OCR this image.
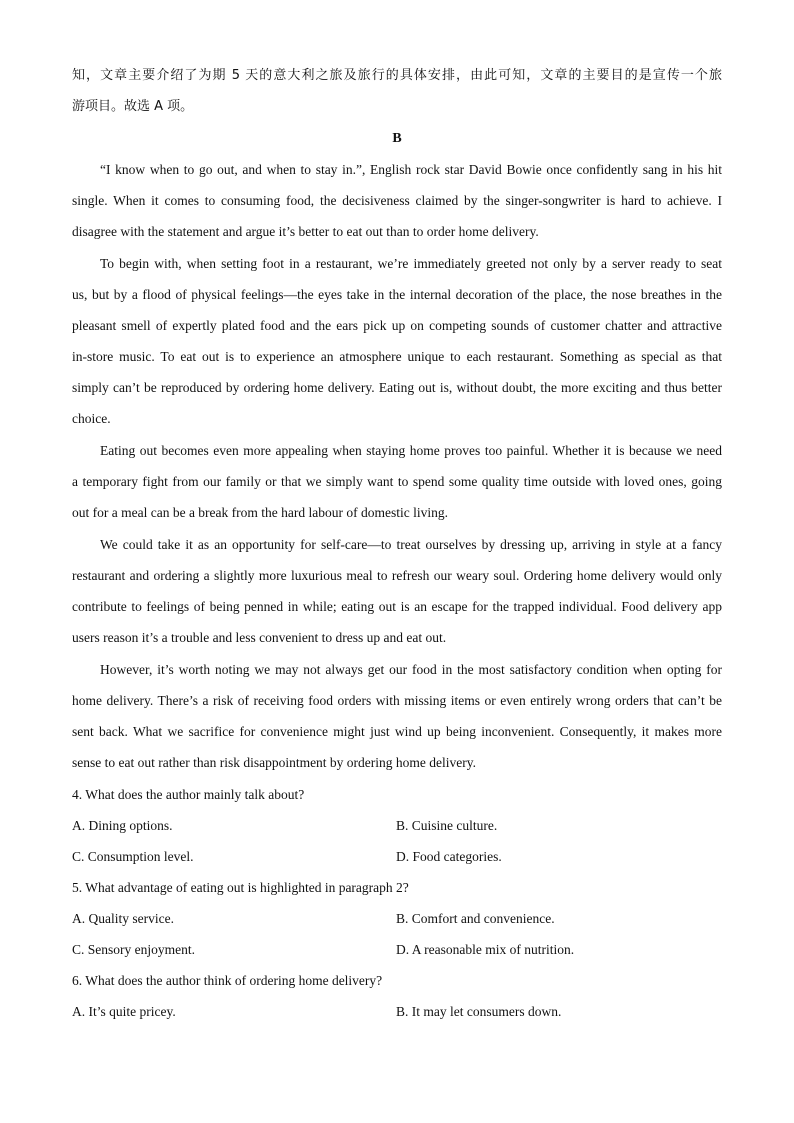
知，文章主要介绍了为期 5 天的意大利之旅及旅行的具体安排，由此可知，文章的主要目的是宣传一个旅
游项目。故选 A 项。
B
“I know when to go out, and when to stay in.”, English rock star David Bowie once confidently sang in his hit
single. When it comes to consuming food, the decisiveness claimed by the singer-songwriter is hard to achieve. I
disagree with the statement and argue it’s better to eat out than to order home delivery.
To begin with, when setting foot in a restaurant, we’re immediately greeted not only by a server ready to seat
us, but by a flood of physical feelings—the eyes take in the internal decoration of the place, the nose breathes in the
pleasant smell of expertly plated food and the ears pick up on competing sounds of customer chatter and attractive
in-store music. To eat out is to experience an atmosphere unique to each restaurant. Something as special as that
simply can’t be reproduced by ordering home delivery. Eating out is, without doubt, the more exciting and thus better
choice.
Eating out becomes even more appealing when staying home proves too painful. Whether it is because we need
a temporary fight from our family or that we simply want to spend some quality time outside with loved ones, going
out for a meal can be a break from the hard labour of domestic living.
We could take it as an opportunity for self-care—to treat ourselves by dressing up, arriving in style at a fancy
restaurant and ordering a slightly more luxurious meal to refresh our weary soul. Ordering home delivery would only
contribute to feelings of being penned in while; eating out is an escape for the trapped individual. Food delivery app
users reason it’s a trouble and less convenient to dress up and eat out.
However, it’s worth noting we may not always get our food in the most satisfactory condition when opting for
home delivery. There’s a risk of receiving food orders with missing items or even entirely wrong orders that can’t be
sent back. What we sacrifice for convenience might just wind up being inconvenient. Consequently, it makes more
sense to eat out rather than risk disappointment by ordering home delivery.
4. What does the author mainly talk about?
A. Dining options.	B. Cuisine culture.
C. Consumption level.	D. Food categories.
5. What advantage of eating out is highlighted in paragraph 2?
A. Quality service.	B. Comfort and convenience.
C. Sensory enjoyment.	D. A reasonable mix of nutrition.
6. What does the author think of ordering home delivery?
A. It’s quite pricey.	B. It may let consumers down.
